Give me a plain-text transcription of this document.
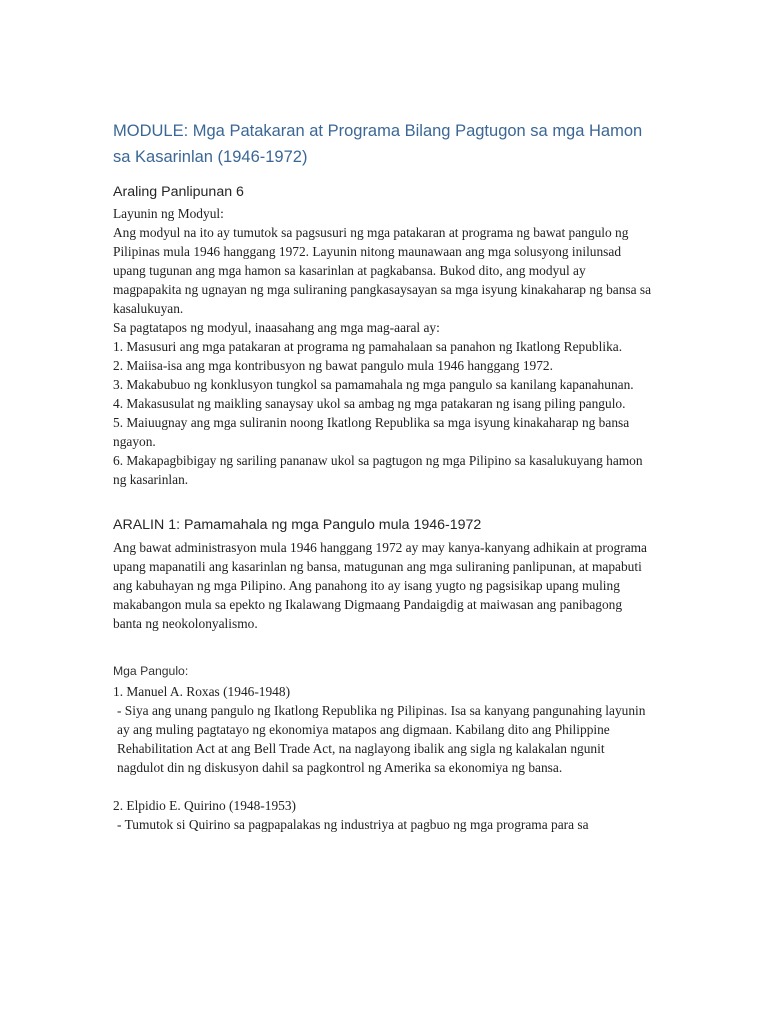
MODULE: Mga Patakaran at Programa Bilang Pagtugon sa mga Hamon sa Kasarinlan (1946-1972)
Araling Panlipunan 6
Layunin ng Modyul:
Ang modyul na ito ay tumutok sa pagsusuri ng mga patakaran at programa ng bawat pangulo ng Pilipinas mula 1946 hanggang 1972. Layunin nitong maunawaan ang mga solusyong inilunsad upang tugunan ang mga hamon sa kasarinlan at pagkabansa. Bukod dito, ang modyul ay magpapakita ng ugnayan ng mga suliraning pangkasaysayan sa mga isyung kinakaharap ng bansa sa kasalukuyan.
Sa pagtatapos ng modyul, inaasahang ang mga mag-aaral ay:
1. Masusuri ang mga patakaran at programa ng pamahalaan sa panahon ng Ikatlong Republika.
2. Maiisa-isa ang mga kontribusyon ng bawat pangulo mula 1946 hanggang 1972.
3. Makabubuo ng konklusyon tungkol sa pamamahala ng mga pangulo sa kanilang kapanahunan.
4. Makasusulat ng maikling sanaysay ukol sa ambag ng mga patakaran ng isang piling pangulo.
5. Maiuugnay ang mga suliranin noong Ikatlong Republika sa mga isyung kinakaharap ng bansa ngayon.
6. Makapagbibigay ng sariling pananaw ukol sa pagtugon ng mga Pilipino sa kasalukuyang hamon ng kasarinlan.
ARALIN 1: Pamamahala ng mga Pangulo mula 1946-1972
Ang bawat administrasyon mula 1946 hanggang 1972 ay may kanya-kanyang adhikain at programa upang mapanatili ang kasarinlan ng bansa, matugunan ang mga suliraning panlipunan, at mapabuti ang kabuhayan ng mga Pilipino. Ang panahong ito ay isang yugto ng pagsisikap upang muling makabangon mula sa epekto ng Ikalawang Digmaang Pandaigdig at maiwasan ang panibagong banta ng neokolonyalismo.
Mga Pangulo:
1. Manuel A. Roxas (1946-1948)
- Siya ang unang pangulo ng Ikatlong Republika ng Pilipinas. Isa sa kanyang pangunahing layunin ay ang muling pagtatayo ng ekonomiya matapos ang digmaan. Kabilang dito ang Philippine Rehabilitation Act at ang Bell Trade Act, na naglayong ibalik ang sigla ng kalakalan ngunit nagdulot din ng diskusyon dahil sa pagkontrol ng Amerika sa ekonomiya ng bansa.
2. Elpidio E. Quirino (1948-1953)
- Tumutok si Quirino sa pagpapalakas ng industriya at pagbuo ng mga programa para sa
